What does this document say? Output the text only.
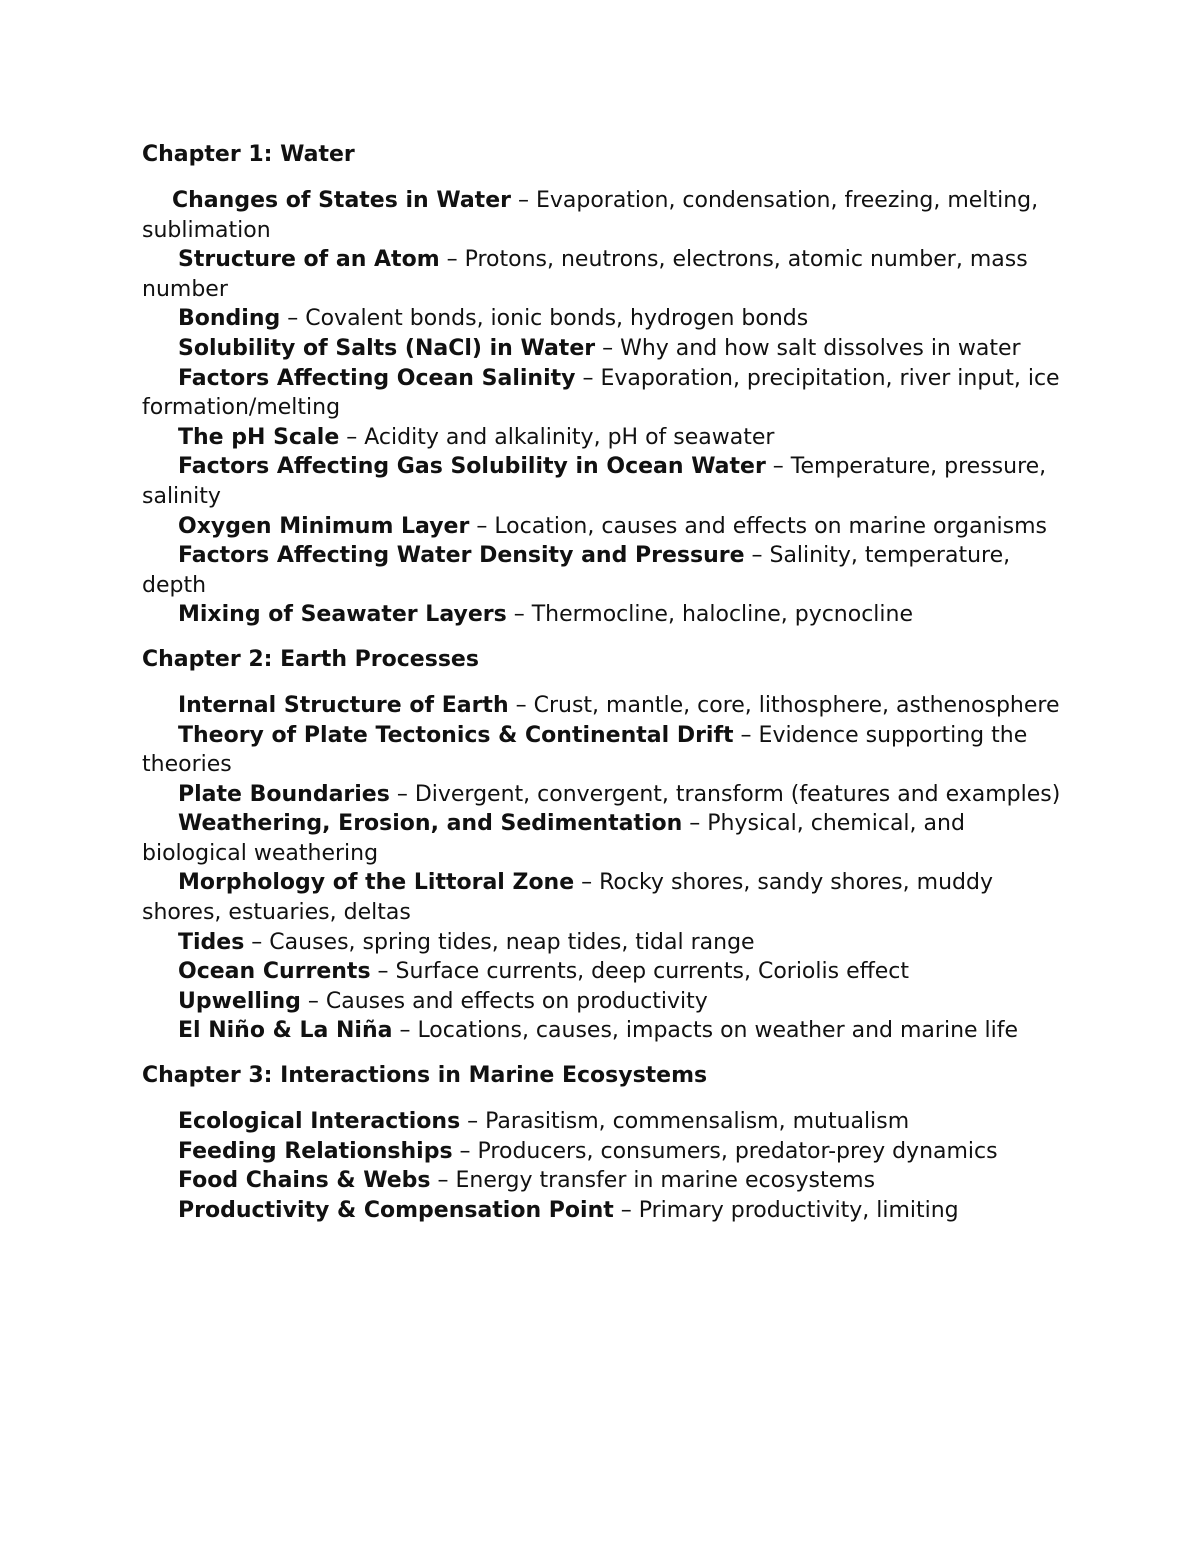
Chapter 1: Water

Changes of States in Water – Evaporation, condensation, freezing, melting, sublimation

Structure of an Atom – Protons, neutrons, electrons, atomic number, mass number

Bonding – Covalent bonds, ionic bonds, hydrogen bonds

Solubility of Salts (NaCl) in Water – Why and how salt dissolves in water

Factors Affecting Ocean Salinity – Evaporation, precipitation, river input, ice formation/melting

The pH Scale – Acidity and alkalinity, pH of seawater

Factors Affecting Gas Solubility in Ocean Water – Temperature, pressure, salinity

Oxygen Minimum Layer – Location, causes and effects on marine organisms

Factors Affecting Water Density and Pressure – Salinity, temperature, depth

Mixing of Seawater Layers – Thermocline, halocline, pycnocline

Chapter 2: Earth Processes

Internal Structure of Earth – Crust, mantle, core, lithosphere, asthenosphere

Theory of Plate Tectonics & Continental Drift – Evidence supporting the theories

Plate Boundaries – Divergent, convergent, transform (features and examples)

Weathering, Erosion, and Sedimentation – Physical, chemical, and biological weathering

Morphology of the Littoral Zone – Rocky shores, sandy shores, muddy shores, estuaries, deltas

Tides – Causes, spring tides, neap tides, tidal range

Ocean Currents – Surface currents, deep currents, Coriolis effect

Upwelling – Causes and effects on productivity

El Niño & La Niña – Locations, causes, impacts on weather and marine life

Chapter 3: Interactions in Marine Ecosystems

Ecological Interactions – Parasitism, commensalism, mutualism

Feeding Relationships – Producers, consumers, predator-prey dynamics

Food Chains & Webs – Energy transfer in marine ecosystems

Productivity & Compensation Point – Primary productivity, limiting
